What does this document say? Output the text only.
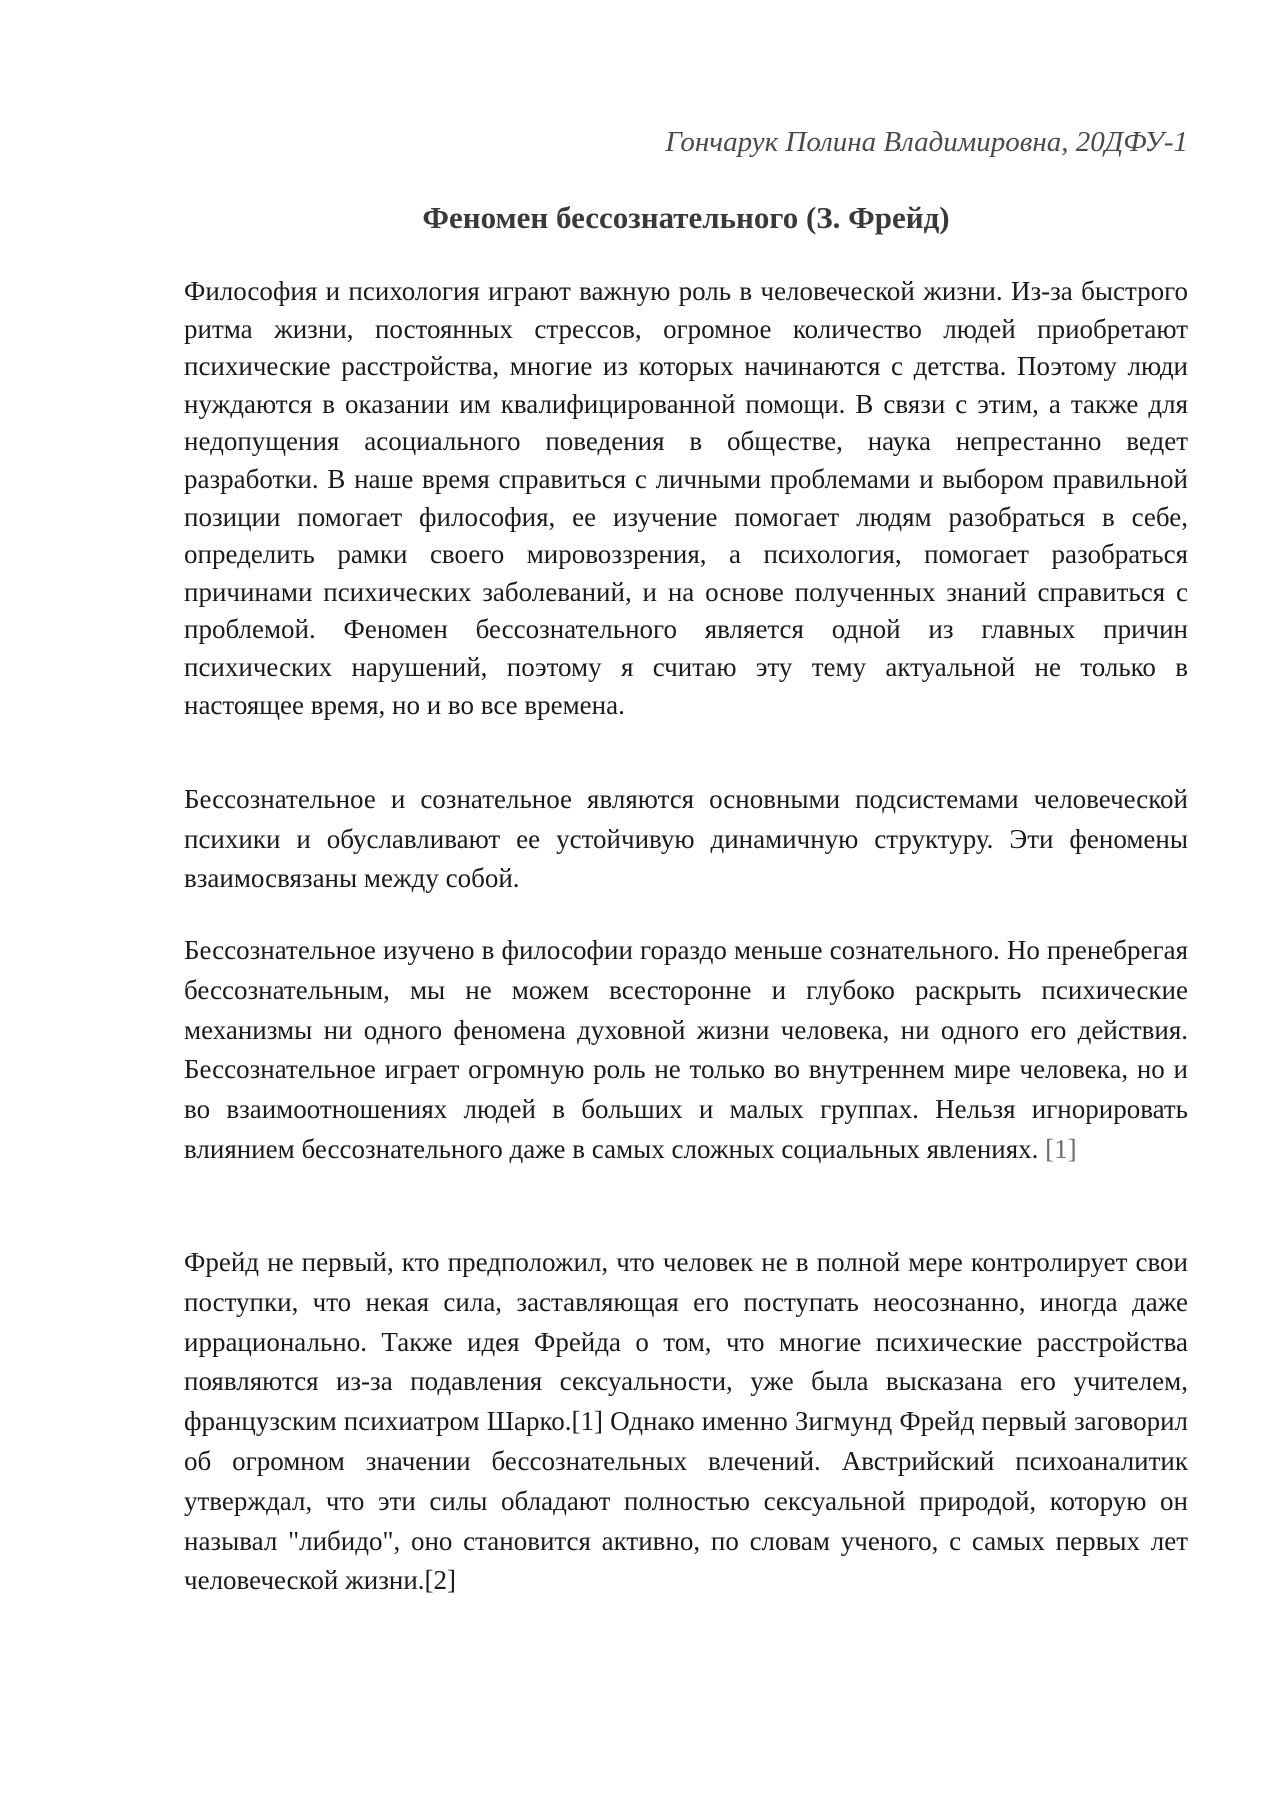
Гончарук Полина Владимировна, 20ДФУ-1
Феномен бессознательного (З. Фрейд)

Философия и психология играют важную роль в человеческой жизни. Из-за быстрого ритма жизни, постоянных стрессов, огромное количество людей приобретают психические расстройства, многие из которых начинаются с детства. Поэтому люди нуждаются в оказании им квалифицированной помощи. В связи с этим, а также для недопущения асоциального поведения в обществе, наука непрестанно ведет разработки. В наше время справиться с личными проблемами и выбором правильной позиции помогает философия, ее изучение помогает людям разобраться в себе, определить рамки своего мировоззрения, а психология, помогает разобраться причинами психических заболеваний, и на основе полученных знаний справиться с проблемой. Феномен бессознательного является одной из главных причин психических нарушений, поэтому я считаю эту тему актуальной не только в настоящее время, но и во все времена.

Бессознательное и сознательное являются основными подсистемами человеческой психики и обуславливают ее устойчивую динамичную структуру. Эти феномены взаимосвязаны между собой.

Бессознательное изучено в философии гораздо меньше сознательного. Но пренебрегая бессознательным, мы не можем всесторонне и глубоко раскрыть психические механизмы ни одного феномена духовной жизни человека, ни одного его действия. Бессознательное играет огромную роль не только во внутреннем мире человека, но и во взаимоотношениях людей в больших и малых группах. Нельзя игнорировать влиянием бессознательного даже в самых сложных социальных явлениях. [1]

Фрейд не первый, кто предположил, что человек не в полной мере контролирует свои поступки, что некая сила, заставляющая его поступать неосознанно, иногда даже иррационально. Также идея Фрейда о том, что многие психические расстройства появляются из-за подавления сексуальности, уже была высказана его учителем, французским психиатром Шарко.[1] Однако именно Зигмунд Фрейд первый заговорил об огромном значении бессознательных влечений. Австрийский психоаналитик утверждал, что эти силы обладают полностью сексуальной природой, которую он называл "либидо", оно становится активно, по словам ученого, с самых первых лет человеческой жизни.[2]
